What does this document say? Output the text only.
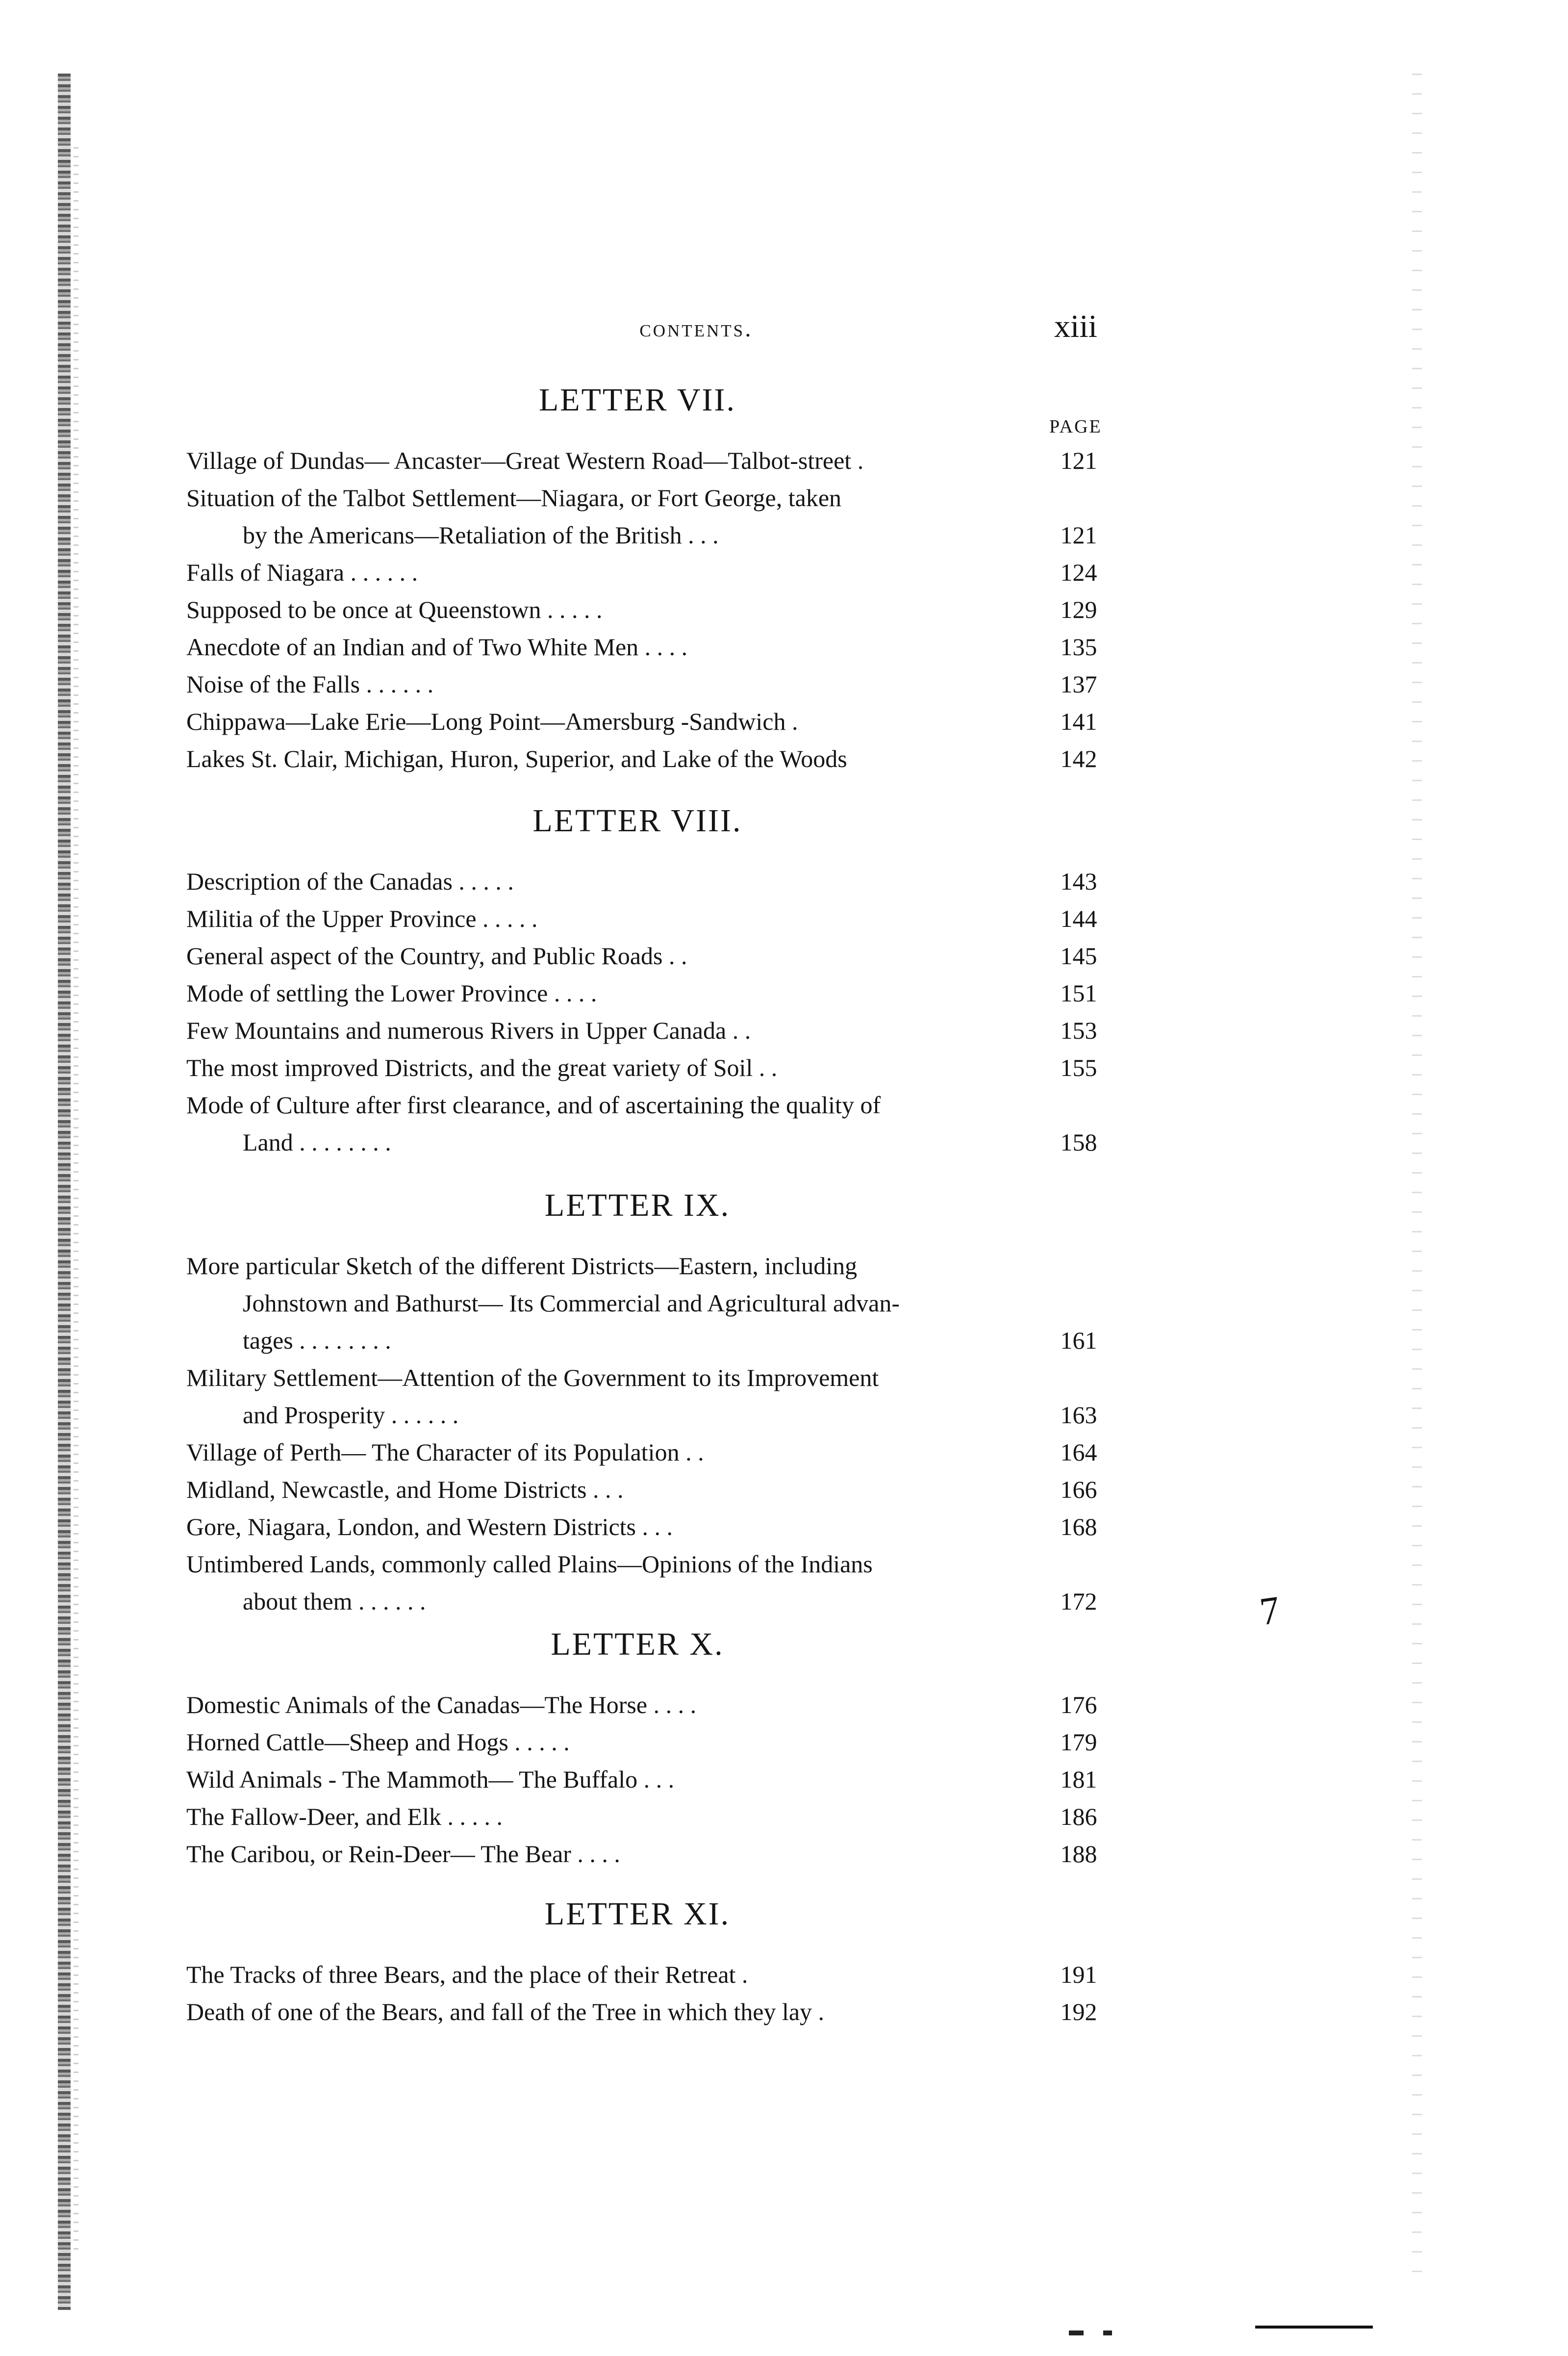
contents.	xiii
PAGE
LETTER VII.
Village of Dundas— Ancaster—Great Western Road—Talbot-street .	121
Situation of the Talbot Settlement—Niagara, or Fort George, taken
by the Americans—Retaliation of the British . . .	121
Falls of Niagara . . . . . .	124
Supposed to be once at Queenstown . . . . .	129
Anecdote of an Indian and of Two White Men . . . .	135
Noise of the Falls . . . . . .	137
Chippawa—Lake Erie—Long Point—Amersburg -Sandwich .	141
Lakes St. Clair, Michigan, Huron, Superior, and Lake of the Woods	142
LETTER VIII.
Description of the Canadas . . . . .	143
Militia of the Upper Province . . . . .	144
General aspect of the Country, and Public Roads . .	145
Mode of settling the Lower Province . . . .	151
Few Mountains and numerous Rivers in Upper Canada . .	153
The most improved Districts, and the great variety of Soil . .	155
Mode of Culture after first clearance, and of ascertaining the quality of
Land . . . . . . . .	158
LETTER IX.
More particular Sketch of the different Districts—Eastern, including
Johnstown and Bathurst— Its Commercial and Agricultural advan-
tages . . . . . . . .	161
Military Settlement—Attention of the Government to its Improvement
and Prosperity . . . . . .	163
Village of Perth— The Character of its Population . .	164
Midland, Newcastle, and Home Districts . . .	166
Gore, Niagara, London, and Western Districts . . .	168
Untimbered Lands, commonly called Plains—Opinions of the Indians
about them . . . . . .	172
LETTER X.
Domestic Animals of the Canadas—The Horse . . . .	176
Horned Cattle—Sheep and Hogs . . . . .	179
Wild Animals - The Mammoth— The Buffalo . . .	181
The Fallow-Deer, and Elk . . . . .	186
The Caribou, or Rein-Deer— The Bear . . . .	188
LETTER XI.
The Tracks of three Bears, and the place of their Retreat .	191
Death of one of the Bears, and fall of the Tree in which they lay .	192
7
